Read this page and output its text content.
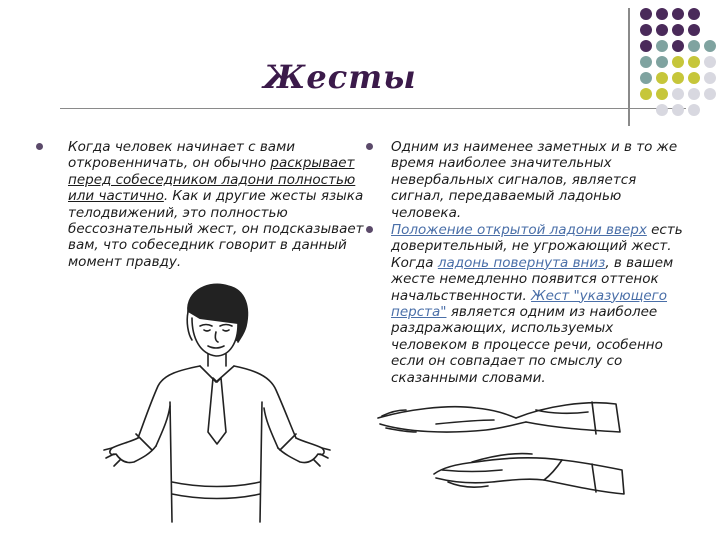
Жесты
Когда человек начинает с вами откровенничать, он обычно раскрывает перед собеседником ладони полностью или частично. Как и другие жесты языка телодвижений, это полностью бессознательный жест, он подсказывает вам, что собеседник говорит в данный момент правду.
Одним из наименее заметных и в то же время наиболее значительных невербальных сигналов, является сигнал, передаваемый ладонью человека.
Положение открытой ладони вверх есть доверительный, не угрожающий жест. Когда ладонь повернута вниз, в вашем жесте немедленно появится оттенок начальственности. Жест "указующего перста" является одним из наиболее раздражающих, используемых человеком в процессе речи, особенно если он совпадает по смыслу со сказанными словами.
